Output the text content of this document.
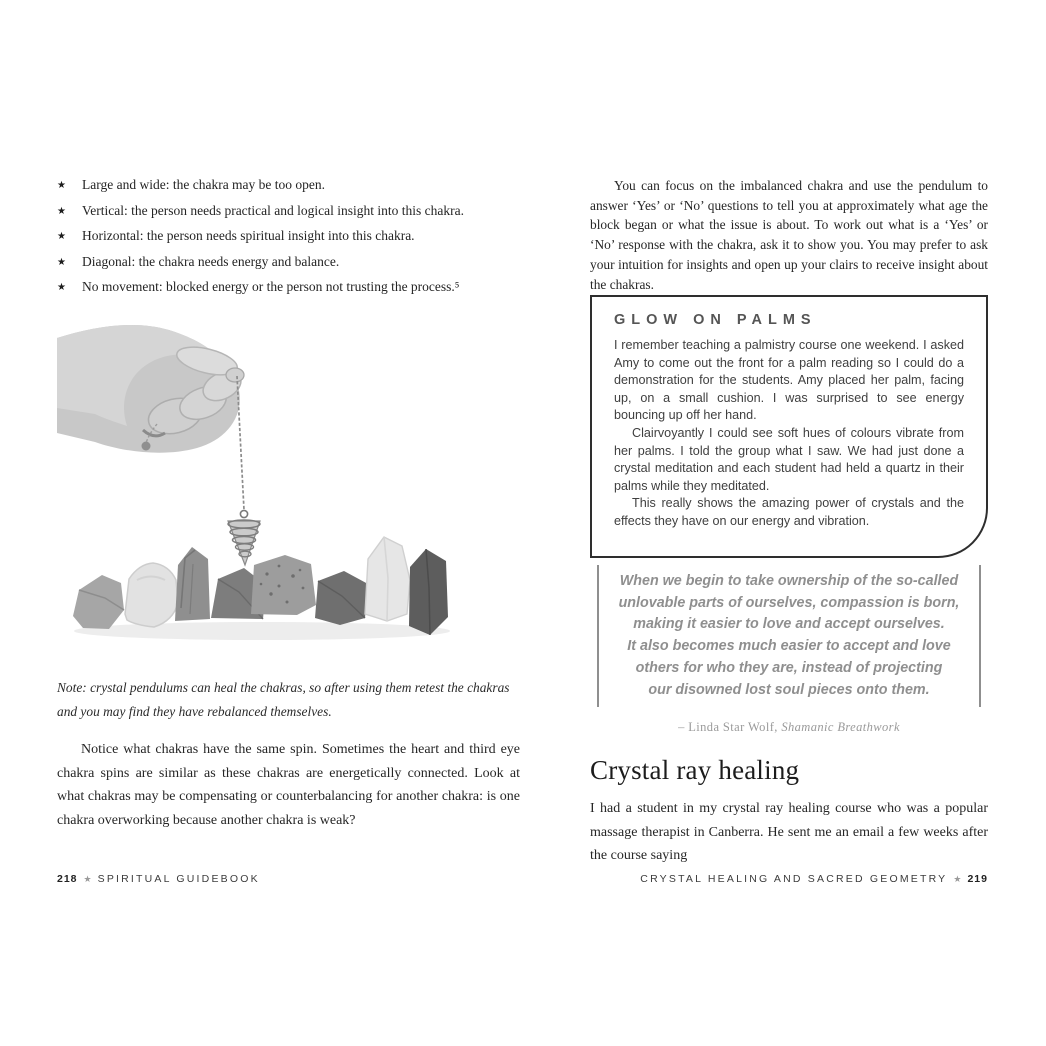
★	Large and wide: the chakra may be too open.
★	Vertical: the person needs practical and logical insight into this chakra.
★	Horizontal: the person needs spiritual insight into this chakra.
★	Diagonal: the chakra needs energy and balance.
★	No movement: blocked energy or the person not trusting the process.⁵

Note: crystal pendulums can heal the chakras, so after using them retest the chakras and you may find they have rebalanced themselves.

Notice what chakras have the same spin. Sometimes the heart and third eye chakra spins are similar as these chakras are energetically connected. Look at what chakras may be compensating or counterbalancing for another chakra: is one chakra overworking because another chakra is weak?

218 ★ SPIRITUAL GUIDEBOOK

You can focus on the imbalanced chakra and use the pendulum to answer ‘Yes’ or ‘No’ questions to tell you at approximately what age the block began or what the issue is about. To work out what is a ‘Yes’ or ‘No’ response with the chakra, ask it to show you. You may prefer to ask your intuition for insights and open up your clairs to receive insight about the chakras.

GLOW ON PALMS

I remember teaching a palmistry course one weekend. I asked Amy to come out the front for a palm reading so I could do a demonstration for the students. Amy placed her palm, facing up, on a small cushion. I was surprised to see energy bouncing up off her hand.

Clairvoyantly I could see soft hues of colours vibrate from her palms. I told the group what I saw. We had just done a crystal meditation and each student had held a quartz in their palms while they meditated.

This really shows the amazing power of crystals and the effects they have on our energy and vibration.

When we begin to take ownership of the so-called
unlovable parts of ourselves, compassion is born,
making it easier to love and accept ourselves.
It also becomes much easier to accept and love
others for who they are, instead of projecting
our disowned lost soul pieces onto them.
– Linda Star Wolf, Shamanic Breathwork
Crystal ray healing

I had a student in my crystal ray healing course who was a popular massage therapist in Canberra. He sent me an email a few weeks after the course saying

CRYSTAL HEALING AND SACRED GEOMETRY ★ 219
